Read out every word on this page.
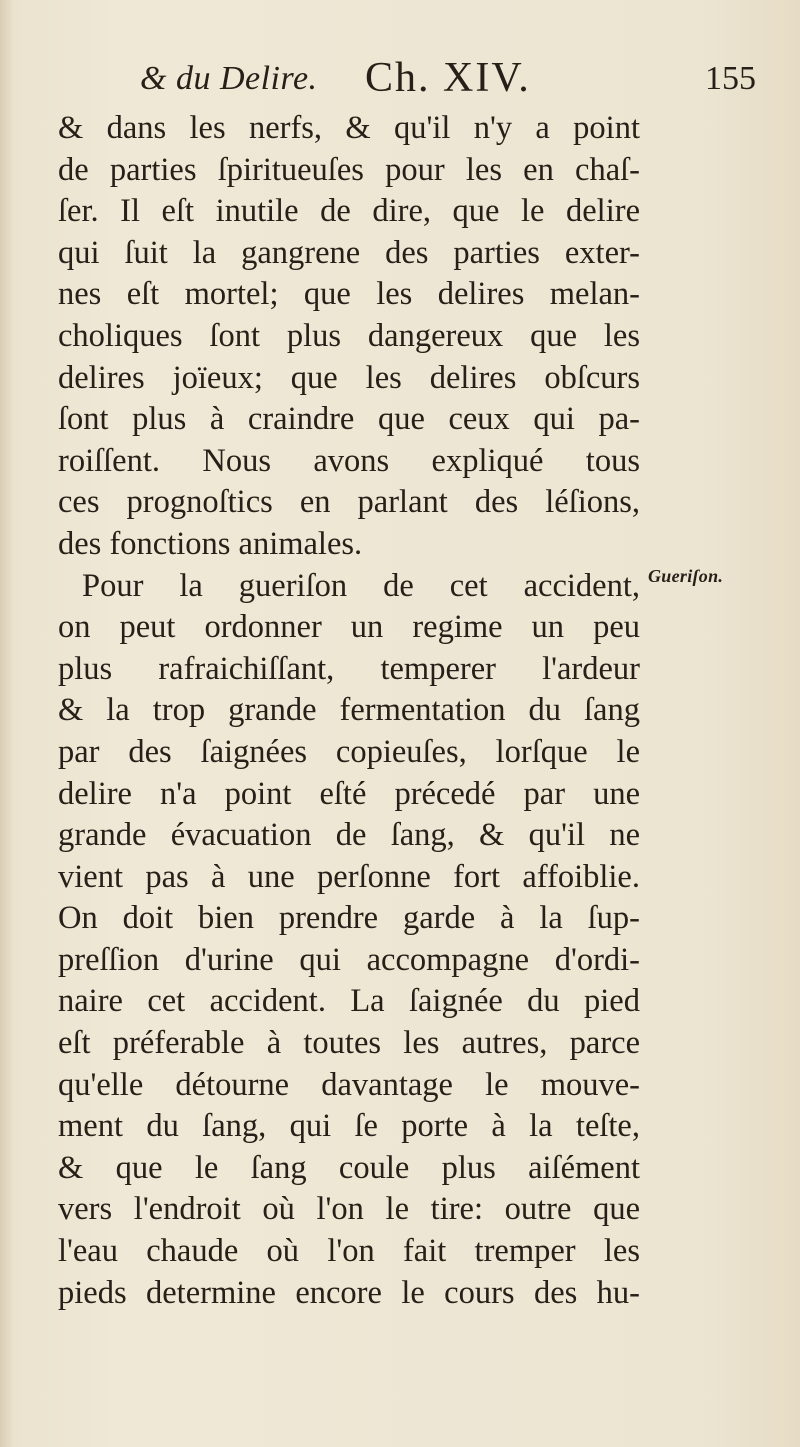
& du Delire. Ch. XIV.	155
& dans les nerfs, & qu'il n'y a point
de parties ſpiritueuſes pour les en chaſ-
ſer. Il eſt inutile de dire, que le delire
qui ſuit la gangrene des parties exter-
nes eſt mortel; que les delires melan-
choliques ſont plus dangereux que les
delires joïeux; que les delires obſcurs
ſont plus à craindre que ceux qui pa-
roiſſent. Nous avons expliqué tous
ces prognoſtics en parlant des léſions,
des fonctions animales.
Pour la gueriſon de cet accident,
on peut ordonner un regime un peu
plus rafraichiſſant, temperer l'ardeur
& la trop grande fermentation du ſang
par des ſaignées copieuſes, lorſque le
delire n'a point eſté précedé par une
grande évacuation de ſang, & qu'il ne
vient pas à une perſonne fort affoiblie.
On doit bien prendre garde à la ſup-
preſſion d'urine qui accompagne d'ordi-
naire cet accident. La ſaignée du pied
eſt préferable à toutes les autres, parce
qu'elle détourne davantage le mouve-
ment du ſang, qui ſe porte à la teſte,
& que le ſang coule plus aiſément
vers l'endroit où l'on le tire: outre que
l'eau chaude où l'on fait tremper les
pieds determine encore le cours des hu-
Gueriſon.
